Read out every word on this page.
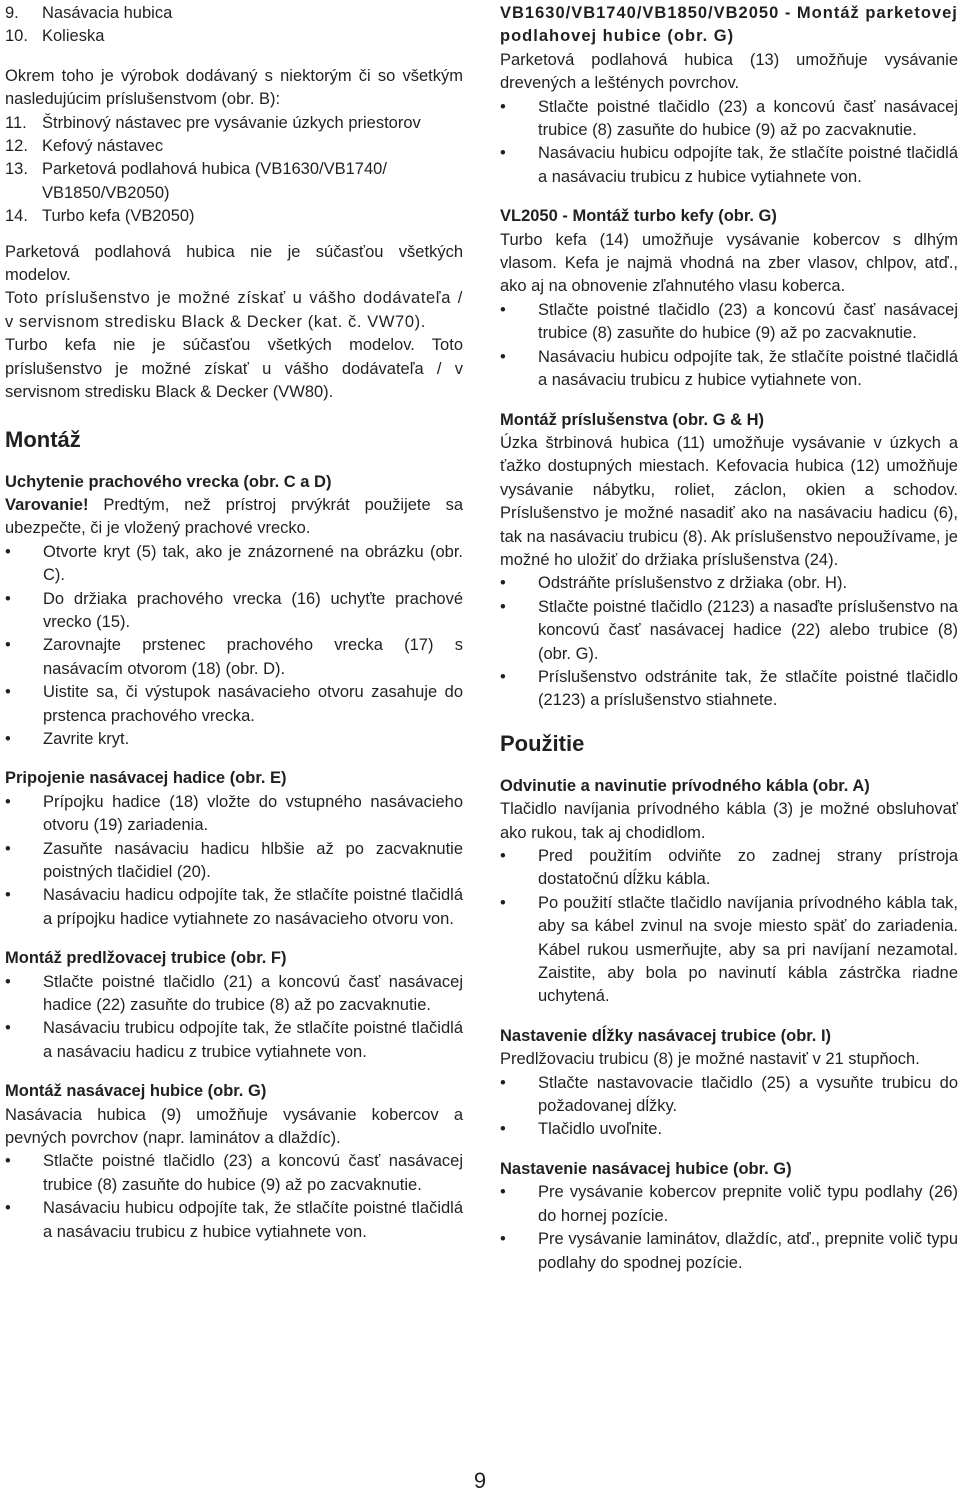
9.	Nasávacia hubica
10. Kolieska

Okrem toho je výrobok dodávaný s niektorým či so všetkým nasledujúcim príslušenstvom (obr. B):

11. Štrbinový nástavec pre vysávanie úzkych priestorov
12. Kefový nástavec
13. Parketová podlahová hubica (VB1630/VB1740/ VB1850/VB2050)
14. Turbo kefa (VB2050)

Parketová podlahová hubica nie je súčasťou všetkých modelov.

Toto príslušenstvo je možné získať u vášho dodávateľa / v servisnom stredisku Black & Decker (kat. č. VW70).

Turbo kefa nie je súčasťou všetkých modelov. Toto príslušenstvo je možné získať u vášho dodávateľa / v servisnom stredisku Black & Decker (VW80).

Montáž
Uchytenie prachového vrecka (obr. C a D)

Varovanie! Predtým, než prístroj prvýkrát použijete sa ubezpečte, či je vložený prachové vrecko.

•	Otvorte kryt (5) tak, ako je znázornené na obrázku (obr. C).
•	Do držiaka prachového vrecka (16) uchyťte prachové vrecko (15).
•	Zarovnajte prstenec prachového vrecka (17) s nasávacím otvorom (18) (obr. D).
•	Uistite sa, či výstupok nasávacieho otvoru zasahuje do prstenca prachového vrecka.
•	Zavrite kryt.
Pripojenie nasávacej hadice (obr. E)
•	Prípojku hadice (18) vložte do vstupného nasávacieho otvoru (19) zariadenia.
•	Zasuňte nasávaciu hadicu hlbšie až po zacvaknutie poistných tlačidiel (20).
•	Nasávaciu hadicu odpojíte tak, že stlačíte poistné tlačidlá a prípojku hadice vytiahnete zo nasávacieho otvoru von.
Montáž predlžovacej trubice (obr. F)
•	Stlačte poistné tlačidlo (21) a koncovú časť nasávacej hadice (22) zasuňte do trubice (8) až po zacvaknutie.
•	Nasávaciu trubicu odpojíte tak, že stlačíte poistné tlačidlá a nasávaciu hadicu z trubice vytiahnete von.
Montáž nasávacej hubice (obr. G)

Nasávacia hubica (9) umožňuje vysávanie kobercov a pevných povrchov (napr. laminátov a dlaždíc).

•	Stlačte poistné tlačidlo (23) a koncovú časť nasávacej trubice (8) zasuňte do hubice (9) až po zacvaknutie.
•	Nasávaciu hubicu odpojíte tak, že stlačíte poistné tlačidlá a nasávaciu trubicu z hubice vytiahnete von.
VB1630/VB1740/VB1850/VB2050 - Montáž parketovej podlahovej hubice (obr. G)

Parketová podlahová hubica (13) umožňuje vysávanie drevených a lešténych povrchov.

•	Stlačte poistné tlačidlo (23) a koncovú časť nasávacej trubice (8) zasuňte do hubice (9) až po zacvaknutie.
•	Nasávaciu hubicu odpojíte tak, že stlačíte poistné tlačidlá a nasávaciu trubicu z hubice vytiahnete von.
VL2050 - Montáž turbo kefy (obr. G)

Turbo kefa (14) umožňuje vysávanie kobercov s dlhým vlasom. Kefa je najmä vhodná na zber vlasov, chlpov, atď., ako aj na obnovenie zľahnutého vlasu koberca.

•	Stlačte poistné tlačidlo (23) a koncovú časť nasávacej trubice (8) zasuňte do hubice (9) až po zacvaknutie.
•	Nasávaciu hubicu odpojíte tak, že stlačíte poistné tlačidlá a nasávaciu trubicu z hubice vytiahnete von.
Montáž príslušenstva (obr. G & H)

Úzka štrbinová hubica (11) umožňuje vysávanie v úzkych a ťažko dostupných miestach. Kefovacia hubica (12) umožňuje vysávanie nábytku, roliet, záclon, okien a schodov. Príslušenstvo je možné nasadiť ako na nasávaciu hadicu (6), tak na nasávaciu trubicu (8). Ak príslušenstvo nepoužívame, je možné ho uložiť do držiaka príslušenstva (24).

•	Odstráňte príslušenstvo z držiaka (obr. H).
•	Stlačte poistné tlačidlo (2123) a nasaďte príslušenstvo na koncovú časť nasávacej hadice (22) alebo trubice (8) (obr. G).
•	Príslušenstvo odstránite tak, že stlačíte poistné tlačidlo (2123) a príslušenstvo stiahnete.
Použitie
Odvinutie a navinutie prívodného kábla (obr. A)

Tlačidlo navíjania prívodného kábla (3) je možné obsluhovať ako rukou, tak aj chodidlom.

•	Pred použitím odviňte zo zadnej strany prístroja dostatočnú dĺžku kábla.
•	Po použití stlačte tlačidlo navíjania prívodného kábla tak, aby sa kábel zvinul na svoje miesto späť do zariadenia. Kábel rukou usmerňujte, aby sa pri navíjaní nezamotal. Zaistite, aby bola po navinutí kábla zástrčka riadne uchytená.
Nastavenie dĺžky nasávacej trubice (obr. I)

Predlžovaciu trubicu (8) je možné nastaviť v 21 stupňoch.

•	Stlačte nastavovacie tlačidlo (25) a vysuňte trubicu do požadovanej dĺžky.
•	Tlačidlo uvoľnite.
Nastavenie nasávacej hubice (obr. G)
•	Pre vysávanie kobercov prepnite volič typu podlahy (26) do hornej pozície.
•	Pre vysávanie laminátov, dlaždíc, atď., prepnite volič typu podlahy do spodnej pozície.
9
